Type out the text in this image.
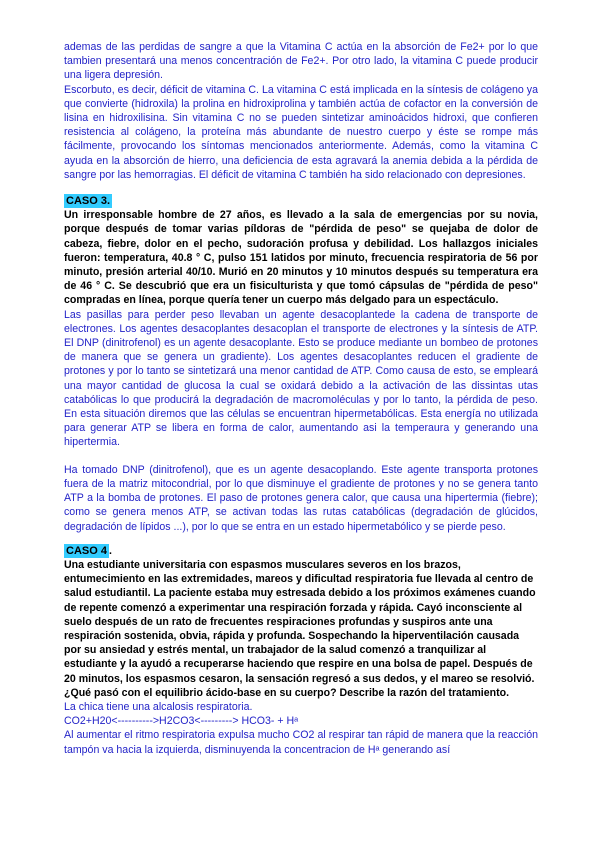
ademas de las perdidas de sangre a que la Vitamina C actúa en la absorción de Fe2+ por lo que tambien presentará una menos concentración de Fe2+. Por otro lado, la vitamina C puede producir una ligera depresión.

Escorbuto, es decir, déficit de vitamina C. La vitamina C está implicada en la síntesis de colágeno ya que convierte (hidroxila) la prolina en hidroxiprolina y también actúa de cofactor en la conversión de lisina en hidroxilisina. Sin vitamina C no se pueden sintetizar aminoácidos hidroxi, que confieren resistencia al colágeno, la proteína más abundante de nuestro cuerpo y éste se rompe más fácilmente, provocando los síntomas mencionados anteriormente. Además, como la vitamina C ayuda en la absorción de hierro, una deficiencia de esta agravará la anemia debida a la pérdida de sangre por las hemorragias. El déficit de vitamina C también ha sido relacionado con depresiones.

CASO 3.

Un irresponsable hombre de 27 años, es llevado a la sala de emergencias por su novia, porque después de tomar varias píldoras de "pérdida de peso" se quejaba de dolor de cabeza, fiebre, dolor en el pecho, sudoración profusa y debilidad. Los hallazgos iniciales fueron: temperatura, 40.8 ° C, pulso 151 latidos por minuto, frecuencia respiratoria de 56 por minuto, presión arterial 40/10. Murió en 20 minutos y 10 minutos después su temperatura era de 46 ° C. Se descubrió que era un fisiculturista y que tomó cápsulas de "pérdida de peso" compradas en línea, porque quería tener un cuerpo más delgado para un espectáculo.

Las pasillas para perder peso llevaban un agente desacoplantede la cadena de transporte de electrones. Los agentes desacoplantes desacoplan el transporte de electrones y la síntesis de ATP. El DNP (dinitrofenol) es un agente desacoplante. Esto se produce mediante un bombeo de protones de manera que se genera un gradiente). Los agentes desacoplantes reducen el gradiente de protones y por lo tanto se sintetizará una menor cantidad de ATP. Como causa de esto, se empleará una mayor cantidad de glucosa la cual se oxidará debido a la activación de las dissintas utas catabólicas lo que producirá la degradación de macromoléculas y por lo tanto, la pérdida de peso. En esta situación diremos que las células se encuentran hipermetabólicas. Esta energía no utilizada para generar ATP se libera en forma de calor, aumentando asi la temperaura y generando una hipertermia.

Ha tomado DNP (dinitrofenol), que es un agente desacoplando. Este agente transporta protones fuera de la matriz mitocondrial, por lo que disminuye el gradiente de protones y no se genera tanto ATP a la bomba de protones. El paso de protones genera calor, que causa una hipertermia (fiebre); como se genera menos ATP, se activan todas las rutas catabólicas (degradación de glúcidos, degradación de lípidos ...), por lo que se entra en un estado hipermetabólico y se pierde peso.

CASO 4 .

Una estudiante universitaria con espasmos musculares severos en los brazos, entumecimiento en las extremidades, mareos y dificultad respiratoria fue llevada al centro de salud estudiantil. La paciente estaba muy estresada debido a los próximos exámenes cuando de repente comenzó a experimentar una respiración forzada y rápida. Cayó inconsciente al suelo después de un rato de frecuentes respiraciones profundas y suspiros ante una respiración sostenida, obvia, rápida y profunda. Sospechando la hiperventilación causada por su ansiedad y estrés mental, un trabajador de la salud comenzó a tranquilizar al estudiante y la ayudó a recuperarse haciendo que respire en una bolsa de papel. Después de 20 minutos, los espasmos cesaron, la sensación regresó a sus dedos, y el mareo se resolvió. ¿Qué pasó con el equilibrio ácido-base en su cuerpo? Describe la razón del tratamiento.

La chica tiene una alcalosis respiratoria.

CO2+H20<---------->H2CO3<---------> HCO3- + Hᵃ

Al aumentar el ritmo respiratoria expulsa mucho CO2 al respirar tan rápid de manera que la reacción tampón va hacia la izquierda, disminuyenda la concentracion de Hᵃ generando así
